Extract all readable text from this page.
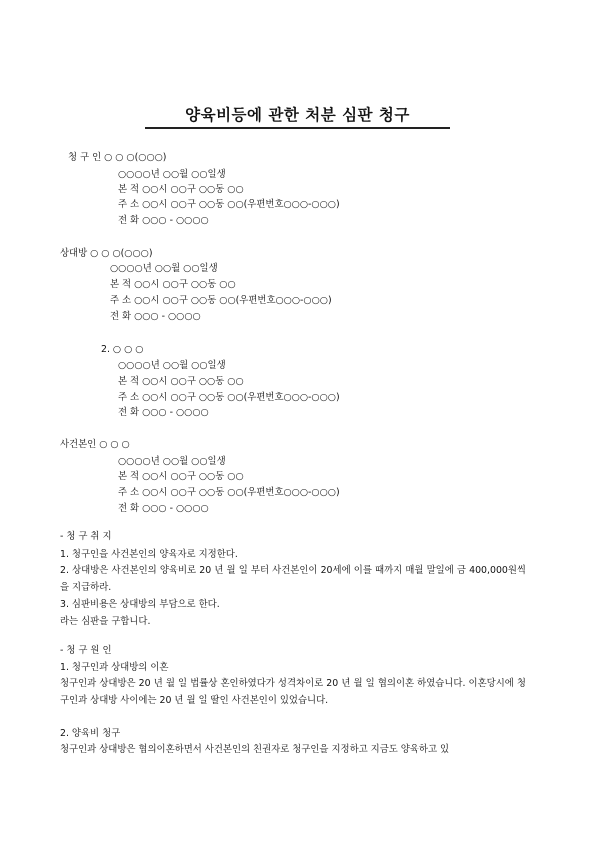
양육비등에 관한 처분 심판 청구
청 구 인 ○ ○ ○(○○○)
○○○○년 ○○월 ○○일생
본 적 ○○시 ○○구 ○○동 ○○
주 소 ○○시 ○○구 ○○동 ○○(우편번호○○○-○○○)
전 화 ○○○ - ○○○○
상대방 ○ ○ ○(○○○)
○○○○년 ○○월 ○○일생
본 적 ○○시 ○○구 ○○동 ○○
주 소 ○○시 ○○구 ○○동 ○○(우편번호○○○-○○○)
전 화 ○○○ - ○○○○
2. ○ ○ ○
○○○○년 ○○월 ○○일생
본 적 ○○시 ○○구 ○○동 ○○
주 소 ○○시 ○○구 ○○동 ○○(우편번호○○○-○○○)
전 화 ○○○ - ○○○○
사건본인 ○ ○ ○
○○○○년 ○○월 ○○일생
본 적 ○○시 ○○구 ○○동 ○○
주 소 ○○시 ○○구 ○○동 ○○(우편번호○○○-○○○)
전 화 ○○○ - ○○○○
- 청 구 취 지
1. 청구인을 사건본인의 양육자로 지정한다.
2. 상대방은 사건본인의 양육비로 20 년 월 일 부터 사건본인이 20세에 이를 때까지 매월 말일에 금 400,000원씩을 지급하라.
3. 심판비용은 상대방의 부담으로 한다.
라는 심판을 구합니다.
- 청 구 원 인
1. 청구인과 상대방의 이혼
청구인과 상대방은 20 년 월 일 법률상 혼인하였다가 성격차이로 20 년 월 일 협의이혼 하였습니다. 이혼당시에 청구인과 상대방 사이에는 20 년 월 일 딸인 사건본인이 있었습니다.
2. 양육비 청구
청구인과 상대방은 협의이혼하면서 사건본인의 친권자로 청구인을 지정하고 지금도 양육하고 있
